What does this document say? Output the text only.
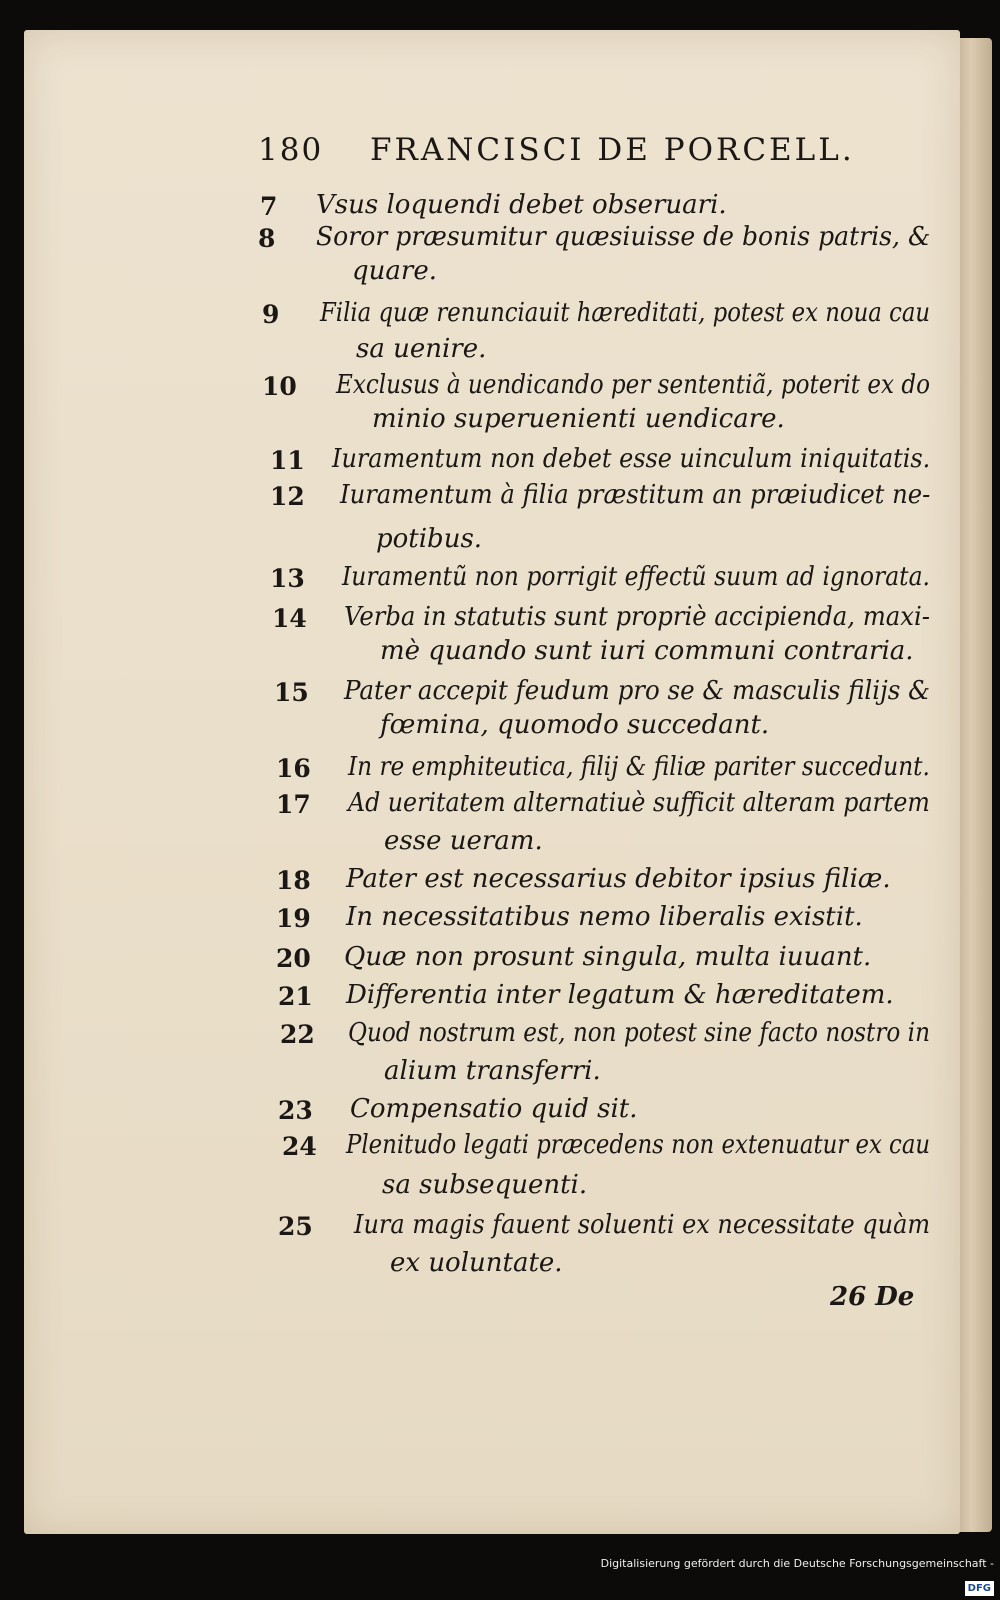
180 FRANCISCI DE PORCELL.
7 Vsus loquendi debet obseruari.
8 Soror præsumitur quæsiuisse de bonis patris, &
quare.
9 Filia quæ renunciauit hæreditati, potest ex noua cau
sa uenire.
10 Exclusus à uendicando per sententiã, poterit ex do
minio superuenienti uendicare.
11 Iuramentum non debet esse uinculum iniquitatis.
12 Iuramentum à filia præstitum an præiudicet ne-
potibus.
13 Iuramentũ non porrigit effectũ suum ad ignorata.
14 Verba in statutis sunt propriè accipienda, maxi-
mè quando sunt iuri communi contraria.
15 Pater accepit feudum pro se & masculis filijs &
fœmina, quomodo succedant.
16 In re emphiteutica, filij & filiæ pariter succedunt.
17 Ad ueritatem alternatiuè sufficit alteram partem
esse ueram.
18 Pater est necessarius debitor ipsius filiæ.
19 In necessitatibus nemo liberalis existit.
20 Quæ non prosunt singula, multa iuuant.
21 Differentia inter legatum & hæreditatem.
22 Quod nostrum est, non potest sine facto nostro in
alium transferri.
23 Compensatio quid sit.
24 Plenitudo legati præcedens non extenuatur ex cau
sa subsequenti.
25 Iura magis fauent soluenti ex necessitate quàm
ex uoluntate.
26 De
Digitalisierung gefördert durch die Deutsche Forschungsgemeinschaft -DFG
